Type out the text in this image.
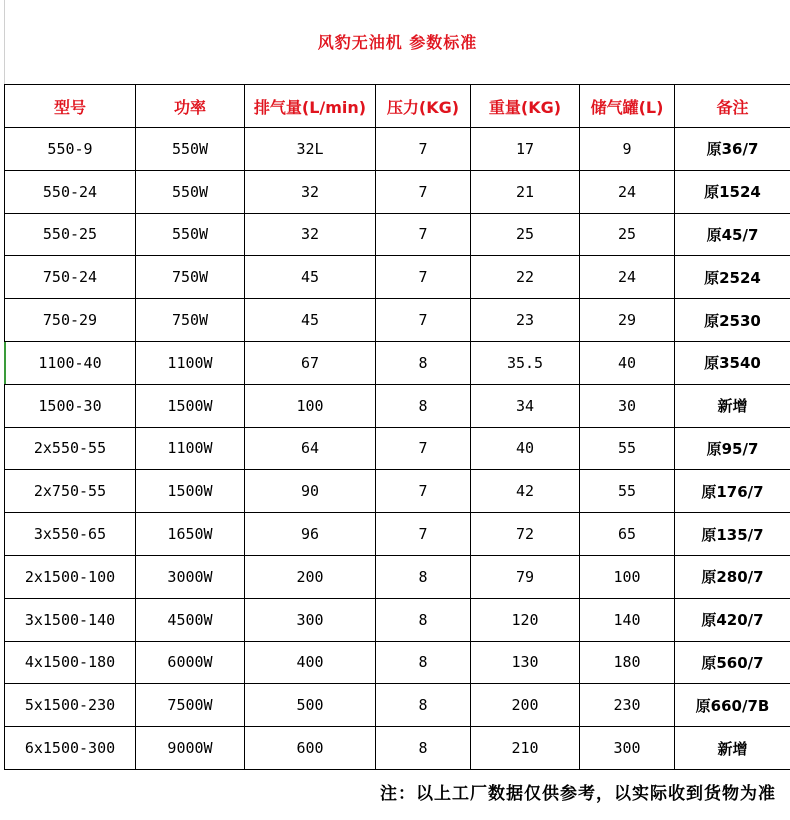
风豹无油机 参数标准
型号	功率	排气量(L/min)	压力(KG)	重量(KG)	储气罐(L)	备注
550-9	550W	32L	7	17	9	原36/7
550-24	550W	32	7	21	24	原1524
550-25	550W	32	7	25	25	原45/7
750-24	750W	45	7	22	24	原2524
750-29	750W	45	7	23	29	原2530
1100-40	1100W	67	8	35.5	40	原3540
1500-30	1500W	100	8	34	30	新增
2x550-55	1100W	64	7	40	55	原95/7
2x750-55	1500W	90	7	42	55	原176/7
3x550-65	1650W	96	7	72	65	原135/7
2x1500-100	3000W	200	8	79	100	原280/7
3x1500-140	4500W	300	8	120	140	原420/7
4x1500-180	6000W	400	8	130	180	原560/7
5x1500-230	7500W	500	8	200	230	原660/7B
6x1500-300	9000W	600	8	210	300	新增
注：以上工厂数据仅供参考，以实际收到货物为准
